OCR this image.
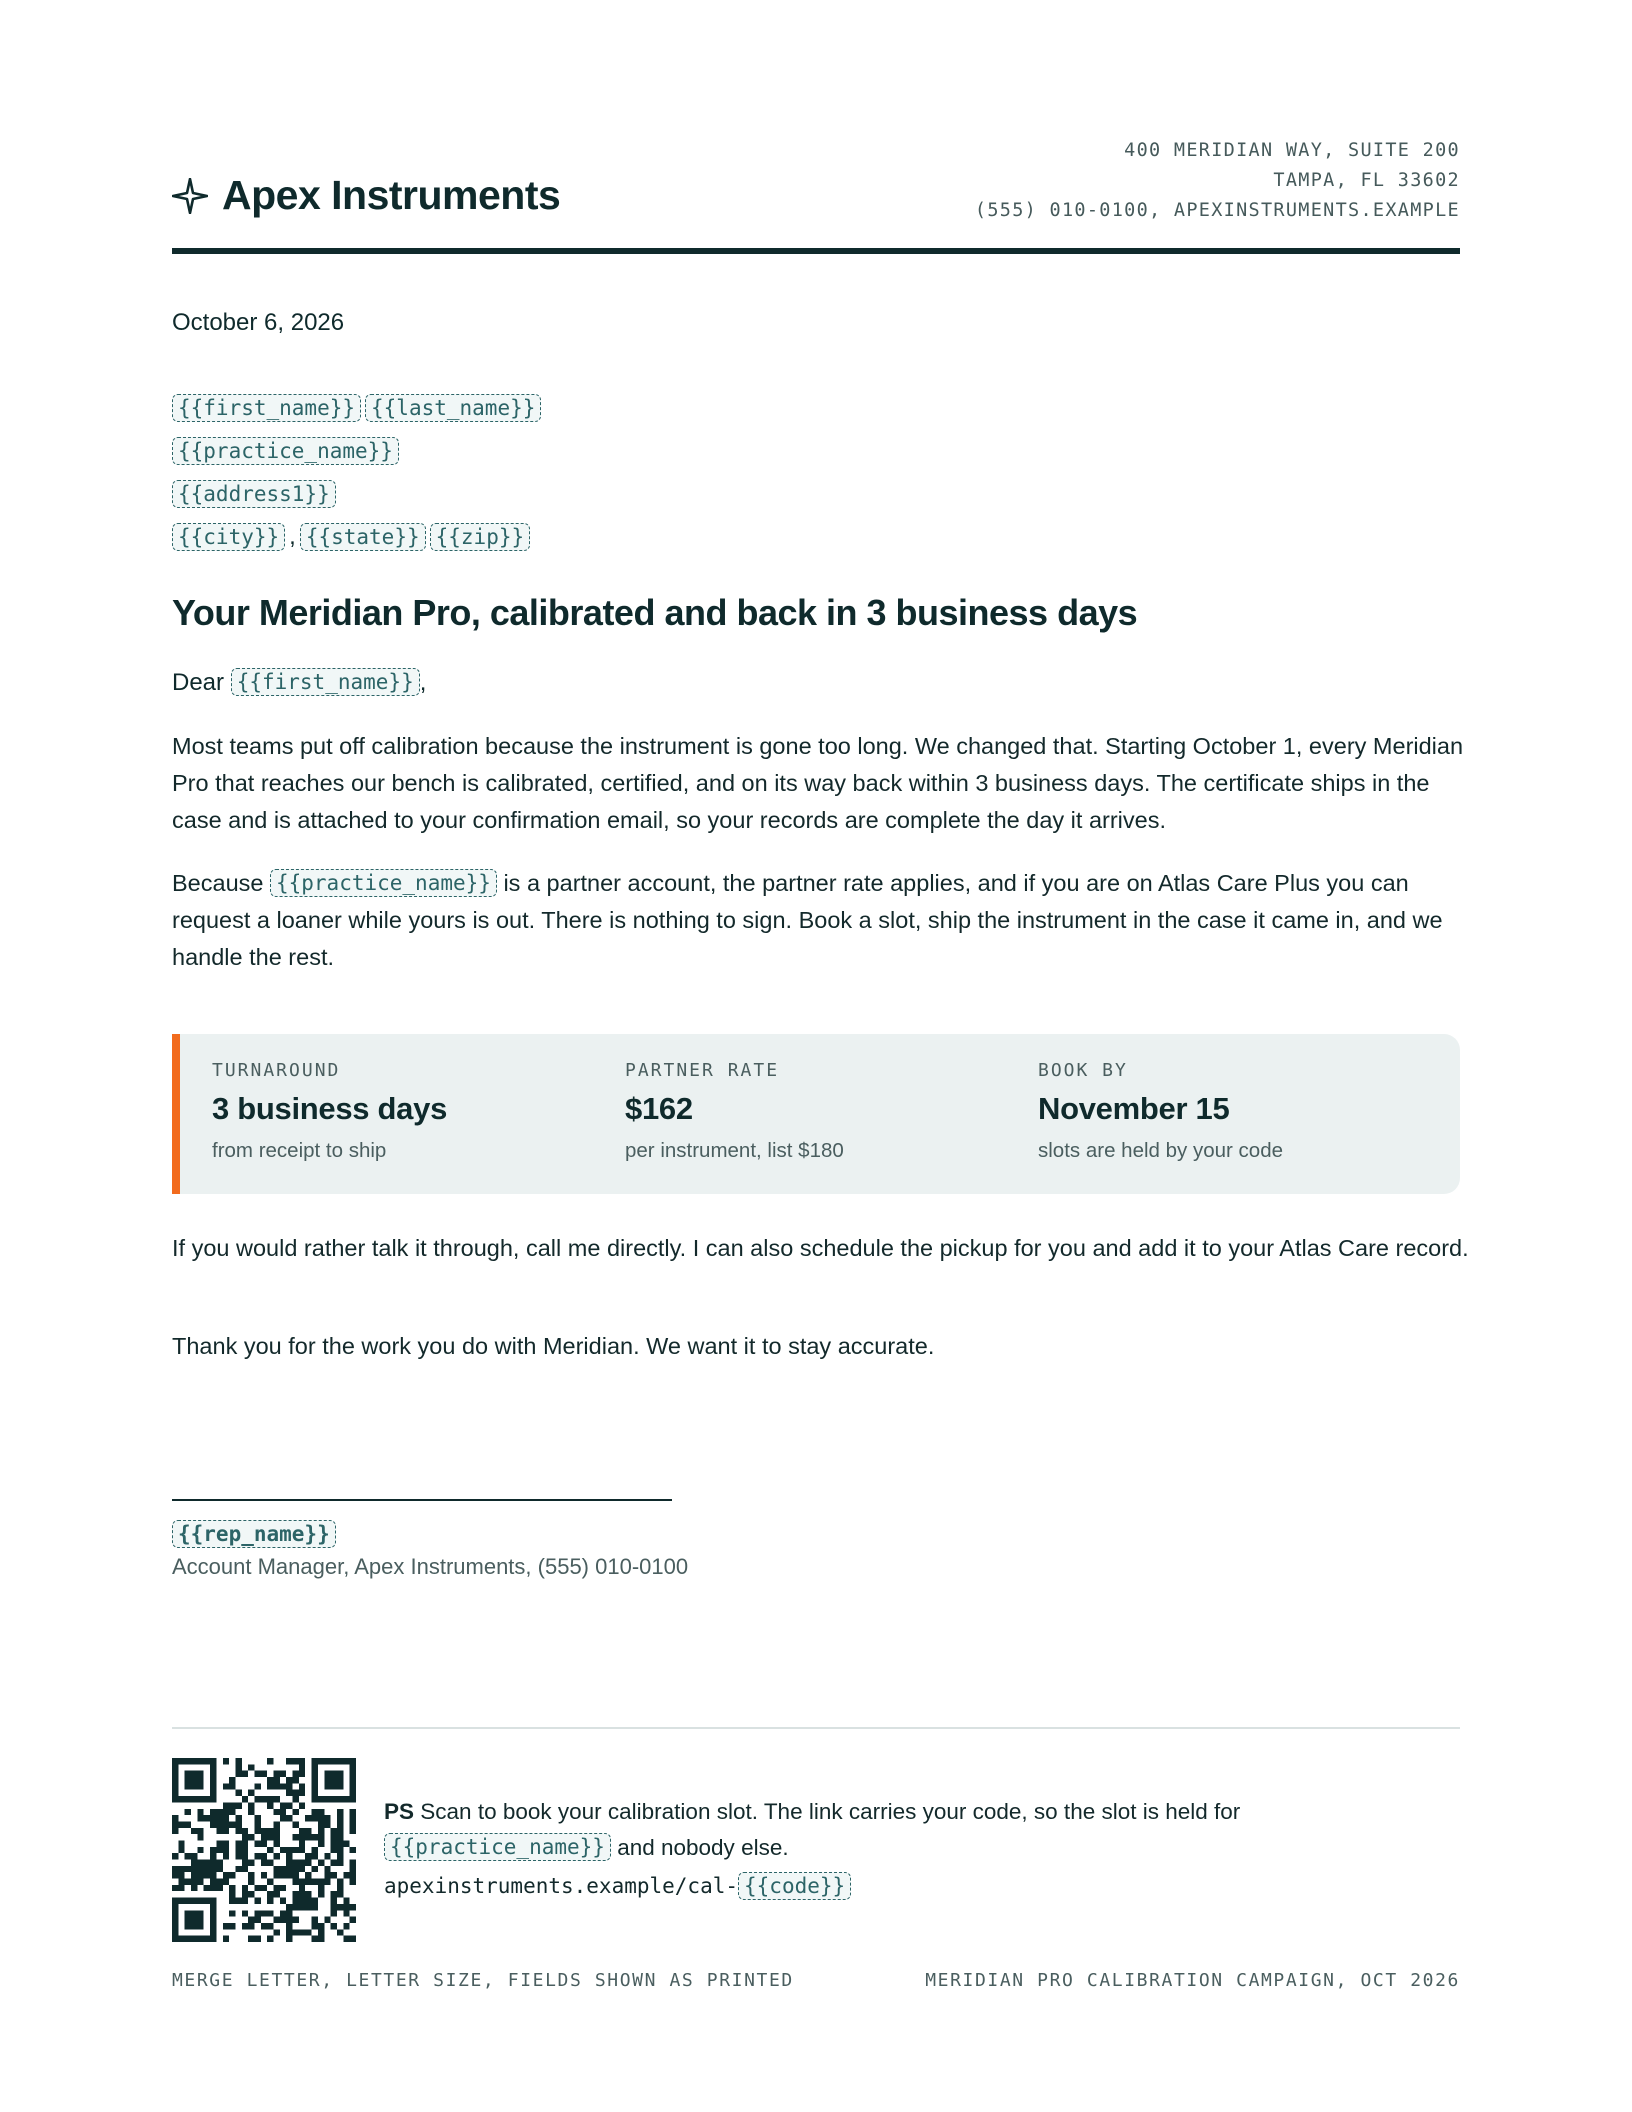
Apex Instruments
400 MERIDIAN WAY, SUITE 200
TAMPA, FL 33602
(555) 010-0100, APEXINSTRUMENTS.EXAMPLE
October 6, 2026
{{first_name}} {{last_name}}
{{practice_name}}
{{address1}}
{{city}} , {{state}} {{zip}}
Your Meridian Pro, calibrated and back in 3 business days
Dear {{first_name}} ,

Most teams put off calibration because the instrument is gone too long. We changed that. Starting October 1, every Meridian Pro that reaches our bench is calibrated, certified, and on its way back within 3 business days. The certificate ships in the case and is attached to your confirmation email, so your records are complete the day it arrives.

Because {{practice_name}} is a partner account, the partner rate applies, and if you are on Atlas Care Plus you can request a loaner while yours is out. There is nothing to sign. Book a slot, ship the instrument in the case it came in, and we handle the rest.

TURNAROUND
3 business days
from receipt to ship
PARTNER RATE
$162
per instrument, list $180
BOOK BY
November 15
slots are held by your code

If you would rather talk it through, call me directly. I can also schedule the pickup for you and add it to your Atlas Care record.

Thank you for the work you do with Meridian. We want it to stay accurate.

{{rep_name}}
Account Manager, Apex Instruments, (555) 010-0100
PS Scan to book your calibration slot. The link carries your code, so the slot is held for {{practice_name}} and nobody else.
apexinstruments.example/cal- {{code}}
MERGE LETTER, LETTER SIZE, FIELDS SHOWN AS PRINTED	MERIDIAN PRO CALIBRATION CAMPAIGN, OCT 2026
